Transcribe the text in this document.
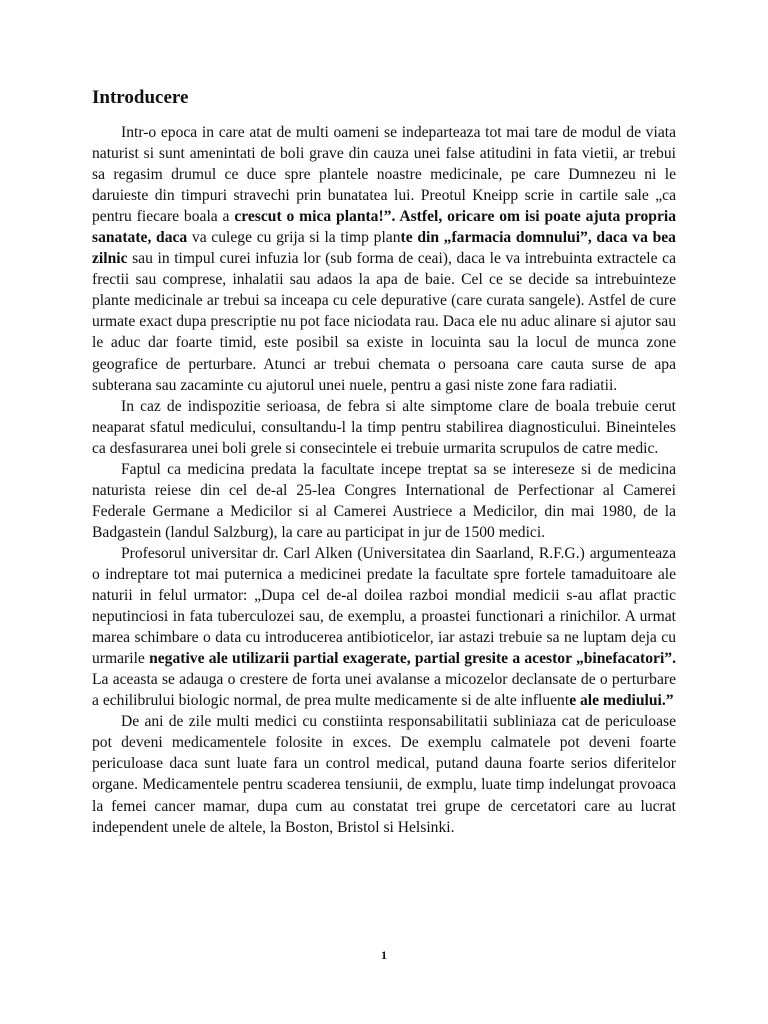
Introducere

Intr-o epoca in care atat de multi oameni se indeparteaza tot mai tare de modul de viata naturist si sunt amenintati de boli grave din cauza unei false atitudini in fata vietii, ar trebui sa regasim drumul ce duce spre plantele noastre medicinale, pe care Dumnezeu ni le daruieste din timpuri stravechi prin bunatatea lui. Preotul Kneipp scrie in cartile sale „ca pentru fiecare boala a crescut o mica planta!”. Astfel, oricare om isi poate ajuta propria sanatate, daca va culege cu grija si la timp plante din „farmacia domnului”, daca va bea zilnic sau in timpul curei infuzia lor (sub forma de ceai), daca le va intrebuinta extractele ca frectii sau comprese, inhalatii sau adaos la apa de baie. Cel ce se decide sa intrebuinteze plante medicinale ar trebui sa inceapa cu cele depurative (care curata sangele). Astfel de cure urmate exact dupa prescriptie nu pot face niciodata rau. Daca ele nu aduc alinare si ajutor sau le aduc dar foarte timid, este posibil sa existe in locuinta sau la locul de munca zone geografice de perturbare. Atunci ar trebui chemata o persoana care cauta surse de apa subterana sau zacaminte cu ajutorul unei nuele, pentru a gasi niste zone fara radiatii.

In caz de indispozitie serioasa, de febra si alte simptome clare de boala trebuie cerut neaparat sfatul medicului, consultandu-l la timp pentru stabilirea diagnosticului. Bineinteles ca desfasurarea unei boli grele si consecintele ei trebuie urmarita scrupulos de catre medic.

Faptul ca medicina predata la facultate incepe treptat sa se intereseze si de medicina naturista reiese din cel de-al 25-lea Congres International de Perfectionar al Camerei Federale Germane a Medicilor si al Camerei Austriece a Medicilor, din mai 1980, de la Badgastein (landul Salzburg), la care au participat in jur de 1500 medici.

Profesorul universitar dr. Carl Alken (Universitatea din Saarland, R.F.G.) argumenteaza o indreptare tot mai puternica a medicinei predate la facultate spre fortele tamaduitoare ale naturii in felul urmator: „Dupa cel de-al doilea razboi mondial medicii s-au aflat practic neputinciosi in fata tuberculozei sau, de exemplu, a proastei functionari a rinichilor. A urmat marea schimbare o data cu introducerea antibioticelor, iar astazi trebuie sa ne luptam deja cu urmarile negative ale utilizarii partial exagerate, partial gresite a acestor „binefacatori”. La aceasta se adauga o crestere de forta unei avalanse a micozelor declansate de o perturbare a echilibrului biologic normal, de prea multe medicamente si de alte influente ale mediului.”

De ani de zile multi medici cu constiinta responsabilitatii subliniaza cat de periculoase pot deveni medicamentele folosite in exces. De exemplu calmatele pot deveni foarte periculoase daca sunt luate fara un control medical, putand dauna foarte serios diferitelor organe. Medicamentele pentru scaderea tensiunii, de exmplu, luate timp indelungat provoaca la femei cancer mamar, dupa cum au constatat trei grupe de cercetatori care au lucrat independent unele de altele, la Boston, Bristol si Helsinki.

1
